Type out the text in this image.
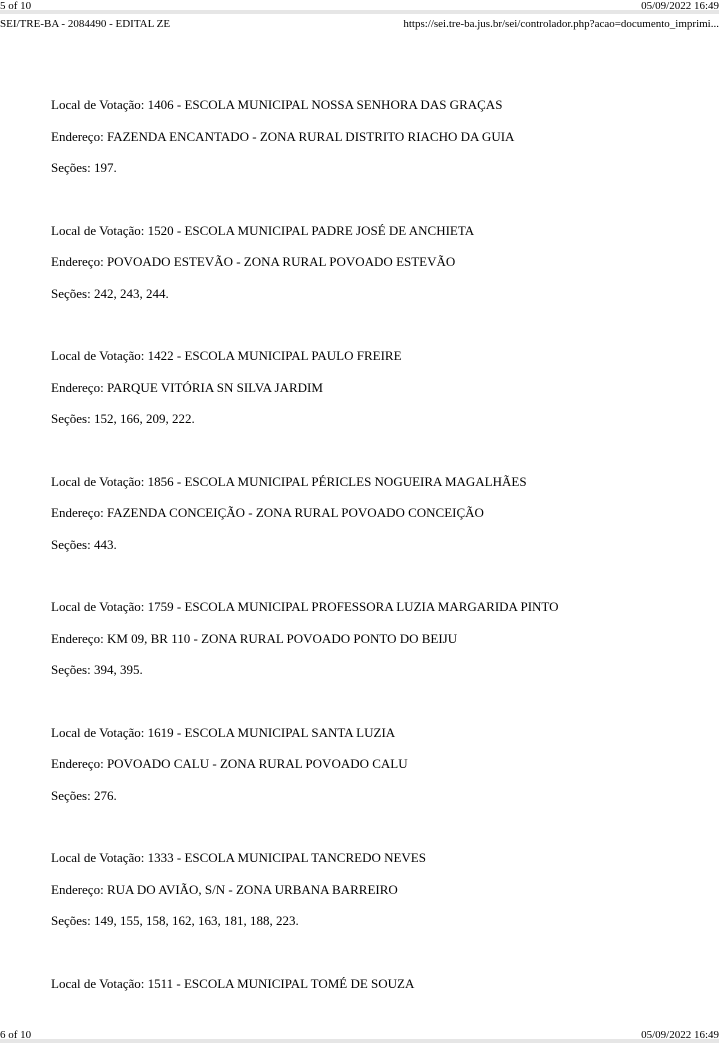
5 of 10	05/09/2022 16:49
SEI/TRE-BA - 2084490 - EDITAL ZE	https://sei.tre-ba.jus.br/sei/controlador.php?acao=documento_imprimi...

Local de Votação: 1406 - ESCOLA MUNICIPAL NOSSA SENHORA DAS GRAÇAS

Endereço: FAZENDA ENCANTADO - ZONA RURAL DISTRITO RIACHO DA GUIA

Seções: 197.

Local de Votação: 1520 - ESCOLA MUNICIPAL PADRE JOSÉ DE ANCHIETA

Endereço: POVOADO ESTEVÃO - ZONA RURAL POVOADO ESTEVÃO

Seções: 242, 243, 244.

Local de Votação: 1422 - ESCOLA MUNICIPAL PAULO FREIRE

Endereço: PARQUE VITÓRIA SN SILVA JARDIM

Seções: 152, 166, 209, 222.

Local de Votação: 1856 - ESCOLA MUNICIPAL PÉRICLES NOGUEIRA MAGALHÃES

Endereço: FAZENDA CONCEIÇÃO - ZONA RURAL POVOADO CONCEIÇÃO

Seções: 443.

Local de Votação: 1759 - ESCOLA MUNICIPAL PROFESSORA LUZIA MARGARIDA PINTO

Endereço: KM 09, BR 110 - ZONA RURAL POVOADO PONTO DO BEIJU

Seções: 394, 395.

Local de Votação: 1619 - ESCOLA MUNICIPAL SANTA LUZIA

Endereço: POVOADO CALU - ZONA RURAL POVOADO CALU

Seções: 276.

Local de Votação: 1333 - ESCOLA MUNICIPAL TANCREDO NEVES

Endereço: RUA DO AVIÃO, S/N - ZONA URBANA BARREIRO

Seções: 149, 155, 158, 162, 163, 181, 188, 223.

Local de Votação: 1511 - ESCOLA MUNICIPAL TOMÉ DE SOUZA

6 of 10	05/09/2022 16:49
